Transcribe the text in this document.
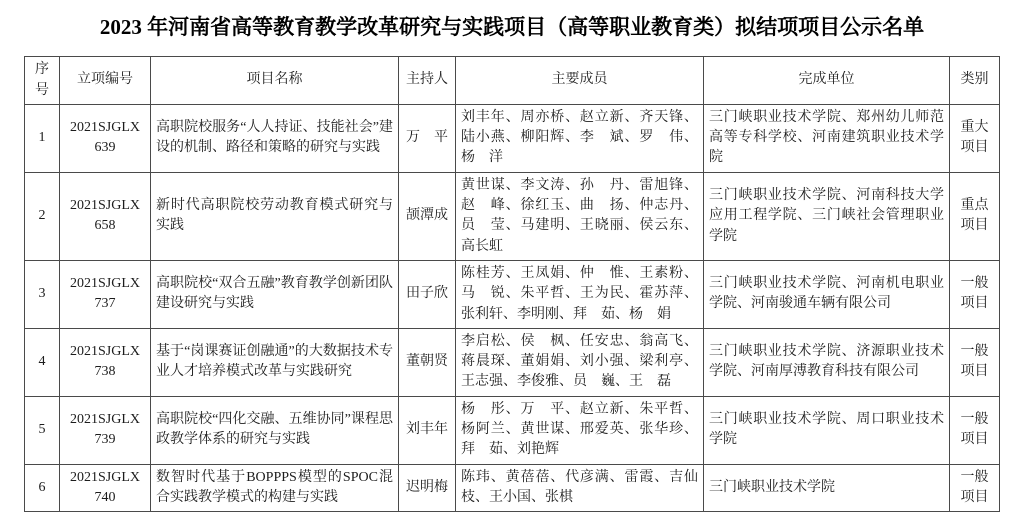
2023 年河南省高等教育教学改革研究与实践项目（高等职业教育类）拟结项项目公示名单
序号	立项编号	项目名称	主持人	主要成员	完成单位	类别
1	2021SJGLX 639	高职院校服务“人人持证、技能社会”建设的机制、路径和策略的研究与实践	万　平	刘丰年、周亦桥、赵立新、齐天锋、陆小燕、柳阳辉、李　斌、罗　伟、杨　洋	三门峡职业技术学院、郑州幼儿师范高等专科学校、河南建筑职业技术学院	重大项目
2	2021SJGLX 658	新时代高职院校劳动教育模式研究与实践	颉潭成	黄世谋、李文涛、孙　丹、雷旭锋、赵　峰、徐红玉、曲　扬、仲志丹、员　莹、马建明、王晓丽、侯云东、高长虹	三门峡职业技术学院、河南科技大学应用工程学院、三门峡社会管理职业学院	重点项目
3	2021SJGLX 737	高职院校“双合五融”教育教学创新团队建设研究与实践	田子欣	陈桂芳、王凤娟、仲　惟、王素粉、马　锐、朱平哲、王为民、霍苏萍、张利轩、李明刚、拜　茹、杨　娟	三门峡职业技术学院、河南机电职业学院、河南骏通车辆有限公司	一般项目
4	2021SJGLX 738	基于“岗课赛证创融通”的大数据技术专业人才培养模式改革与实践研究	董朝贤	李启松、侯　枫、任安忠、翁高飞、蒋晨琛、董娟娟、刘小强、梁利亭、王志强、李俊雅、员　巍、王　磊	三门峡职业技术学院、济源职业技术学院、河南厚溥教育科技有限公司	一般项目
5	2021SJGLX 739	高职院校“四化交融、五维协同”课程思政教学体系的研究与实践	刘丰年	杨　彤、万　平、赵立新、朱平哲、杨阿兰、黄世谋、邢爱英、张华珍、拜　茹、刘艳辉	三门峡职业技术学院、周口职业技术学院	一般项目
6	2021SJGLX 740	数智时代基于BOPPPS模型的SPOC混合实践教学模式的构建与实践	迟明梅	陈玮、黄蓓蓓、代彦满、雷霞、吉仙枝、王小国、张棋	三门峡职业技术学院	一般项目
